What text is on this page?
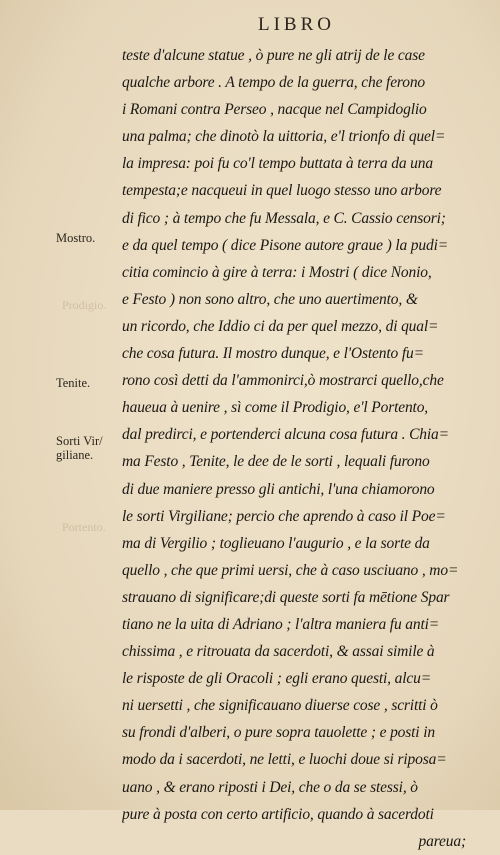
LIBRO
Mostro.
Tenite.
Sorti Vir/
giliane.
Prodigio.
Portento.
teste d'alcune statue , ò pure ne gli atrij de le case
qualche arbore . A tempo de la guerra, che ferono
i Romani contra Perseo , nacque nel Campidoglio
una palma; che dinotò la uittoria, e'l trionfo di quel=
la impresa: poi fu co'l tempo buttata à terra da una
tempesta;e nacqueui in quel luogo stesso uno arbore
di fico ; à tempo che fu Messala, e C. Cassio censori;
e da quel tempo ( dice Pisone autore graue ) la pudi=
citia comincio à gire à terra: i Mostri ( dice Nonio,
e Festo ) non sono altro, che uno auertimento, &
un ricordo, che Iddio ci da per quel mezzo, di qual=
che cosa futura. Il mostro dunque, e l'Ostento fu=
rono così detti da l'ammonirci,ò mostrarci quello,che
haueua à uenire , sì come il Prodigio, e'l Portento,
dal predirci, e portenderci alcuna cosa futura . Chia=
ma Festo , Tenite, le dee de le sorti , lequali furono
di due maniere presso gli antichi, l'una chiamorono
le sorti Virgiliane; percio che aprendo à caso il Poe=
ma di Vergilio ; toglieuano l'augurio , e la sorte da
quello , che que primi uersi, che à caso usciuano , mo=
strauano di significare;di queste sorti fa mētione Spar
tiano ne la uita di Adriano ; l'altra maniera fu anti=
chissima , e ritrouata da sacerdoti, & assai simile à
le risposte de gli Oracoli ; egli erano questi, alcu=
ni uersetti , che significauano diuerse cose , scritti ò
su frondi d'alberi, o pure sopra tauolette ; e posti in
modo da i sacerdoti, ne letti, e luochi doue si riposa=
uano , & erano riposti i Dei, che o da se stessi, ò
pure à posta con certo artificio, quando à sacerdoti
pareua;
